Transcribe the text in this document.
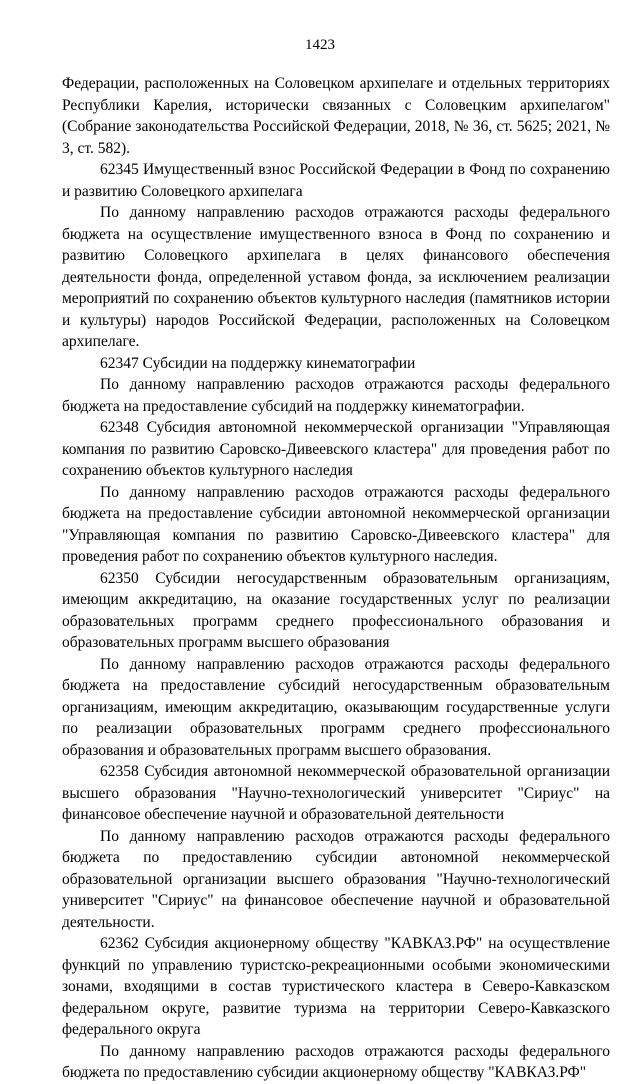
1423

Федерации, расположенных на Соловецком архипелаге и отдельных территориях Республики Карелия, исторически связанных с Соловецким архипелагом" (Собрание законодательства Российской Федерации, 2018, № 36, ст. 5625; 2021, № 3, ст. 582).

62345 Имущественный взнос Российской Федерации в Фонд по сохранению и развитию Соловецкого архипелага

По данному направлению расходов отражаются расходы федерального бюджета на осуществление имущественного взноса в Фонд по сохранению и развитию Соловецкого архипелага в целях финансового обеспечения деятельности фонда, определенной уставом фонда, за исключением реализации мероприятий по сохранению объектов культурного наследия (памятников истории и культуры) народов Российской Федерации, расположенных на Соловецком архипелаге.

62347 Субсидии на поддержку кинематографии

По данному направлению расходов отражаются расходы федерального бюджета на предоставление субсидий на поддержку кинематографии.

62348 Субсидия автономной некоммерческой организации "Управляющая компания по развитию Саровско-Дивеевского кластера" для проведения работ по сохранению объектов культурного наследия

По данному направлению расходов отражаются расходы федерального бюджета на предоставление субсидии автономной некоммерческой организации "Управляющая компания по развитию Саровско-Дивеевского кластера" для проведения работ по сохранению объектов культурного наследия.

62350 Субсидии негосударственным образовательным организациям, имеющим аккредитацию, на оказание государственных услуг по реализации образовательных программ среднего профессионального образования и образовательных программ высшего образования

По данному направлению расходов отражаются расходы федерального бюджета на предоставление субсидий негосударственным образовательным организациям, имеющим аккредитацию, оказывающим государственные услуги по реализации образовательных программ среднего профессионального образования и образовательных программ высшего образования.

62358 Субсидия автономной некоммерческой образовательной организации высшего образования "Научно-технологический университет "Сириус" на финансовое обеспечение научной и образовательной деятельности

По данному направлению расходов отражаются расходы федерального бюджета по предоставлению субсидии автономной некоммерческой образовательной организации высшего образования "Научно-технологический университет "Сириус" на финансовое обеспечение научной и образовательной деятельности.

62362 Субсидия акционерному обществу "КАВКАЗ.РФ" на осуществление функций по управлению туристско-рекреационными особыми экономическими зонами, входящими в состав туристического кластера в Северо-Кавказском федеральном округе, развитие туризма на территории Северо-Кавказского федерального округа

По данному направлению расходов отражаются расходы федерального бюджета по предоставлению субсидии акционерному обществу "КАВКАЗ.РФ"
